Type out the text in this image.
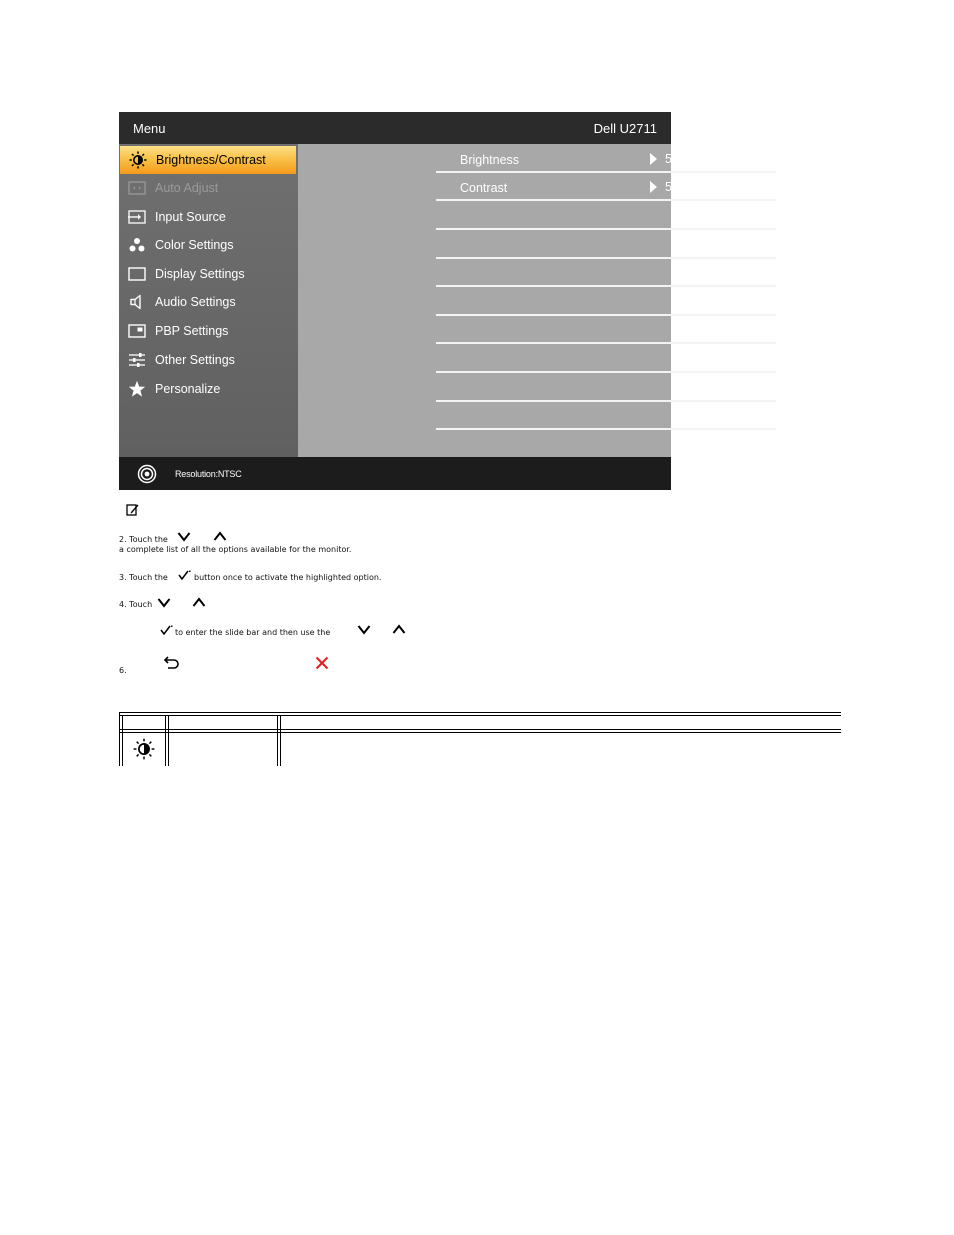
Menu	Dell U2711
Brightness/Contrast
Auto Adjust
Input Source
Color Settings
Display Settings
Audio Settings
PBP Settings
Other Settings
Personalize
Brightness	50
Contrast	50
Resolution:NTSC
2. Touch the
a complete list of all the options available for the monitor.
3. Touch the	button once to activate the highlighted option.
4. Touch
to enter the slide bar and then use the
6.
